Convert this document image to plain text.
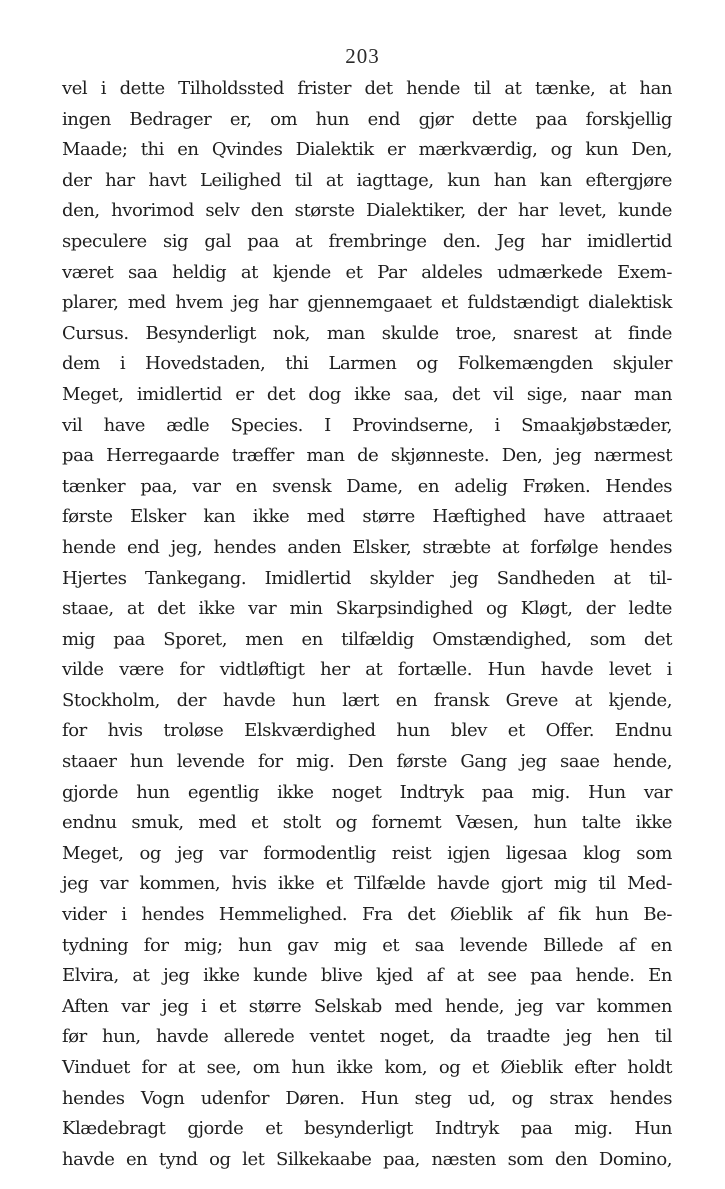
203
vel i dette Tilholdssted frister det hende til at tænke, at han
ingen Bedrager er, om hun end gjør dette paa forskjellig
Maade; thi en Qvindes Dialektik er mærkværdig, og kun Den,
der har havt Leilighed til at iagttage, kun han kan eftergjøre
den, hvorimod selv den største Dialektiker, der har levet, kunde
speculere sig gal paa at frembringe den. Jeg har imidlertid
været saa heldig at kjende et Par aldeles udmærkede Exem-
plarer, med hvem jeg har gjennemgaaet et fuldstændigt dialektisk
Cursus. Besynderligt nok, man skulde troe, snarest at finde
dem i Hovedstaden, thi Larmen og Folkemængden skjuler
Meget, imidlertid er det dog ikke saa, det vil sige, naar man
vil have ædle Species. I Provindserne, i Smaakjøbstæder,
paa Herregaarde træffer man de skjønneste. Den, jeg nærmest
tænker paa, var en svensk Dame, en adelig Frøken. Hendes
første Elsker kan ikke med større Hæftighed have attraaet
hende end jeg, hendes anden Elsker, stræbte at forfølge hendes
Hjertes Tankegang. Imidlertid skylder jeg Sandheden at til-
staae, at det ikke var min Skarpsindighed og Kløgt, der ledte
mig paa Sporet, men en tilfældig Omstændighed, som det
vilde være for vidtløftigt her at fortælle. Hun havde levet i
Stockholm, der havde hun lært en fransk Greve at kjende,
for hvis troløse Elskværdighed hun blev et Offer. Endnu
staaer hun levende for mig. Den første Gang jeg saae hende,
gjorde hun egentlig ikke noget Indtryk paa mig. Hun var
endnu smuk, med et stolt og fornemt Væsen, hun talte ikke
Meget, og jeg var formodentlig reist igjen ligesaa klog som
jeg var kommen, hvis ikke et Tilfælde havde gjort mig til Med-
vider i hendes Hemmelighed. Fra det Øieblik af fik hun Be-
tydning for mig; hun gav mig et saa levende Billede af en
Elvira, at jeg ikke kunde blive kjed af at see paa hende. En
Aften var jeg i et større Selskab med hende, jeg var kommen
før hun, havde allerede ventet noget, da traadte jeg hen til
Vinduet for at see, om hun ikke kom, og et Øieblik efter holdt
hendes Vogn udenfor Døren. Hun steg ud, og strax hendes
Klædebragt gjorde et besynderligt Indtryk paa mig. Hun
havde en tynd og let Silkekaabe paa, næsten som den Domino,
